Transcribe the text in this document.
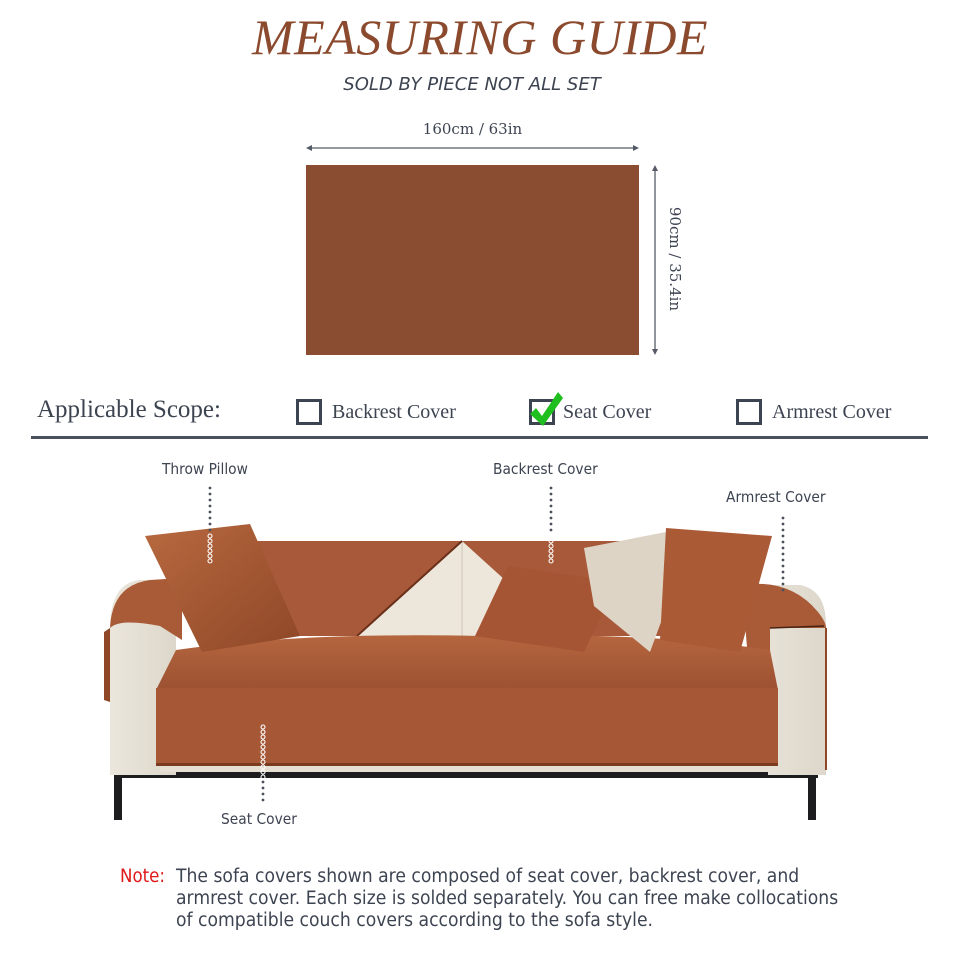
MEASURING GUIDE
SOLD BY PIECE NOT ALL SET
160cm / 63in
90cm / 35.4in
Applicable Scope:	Backrest Cover	Seat Cover	Armrest Cover
Throw Pillow	Backrest Cover
Armrest Cover
Seat Cover
Note: The sofa covers shown are composed of seat cover, backrest cover, and armrest cover. Each size is solded separately. You can free make collocations of compatible couch covers according to the sofa style.
